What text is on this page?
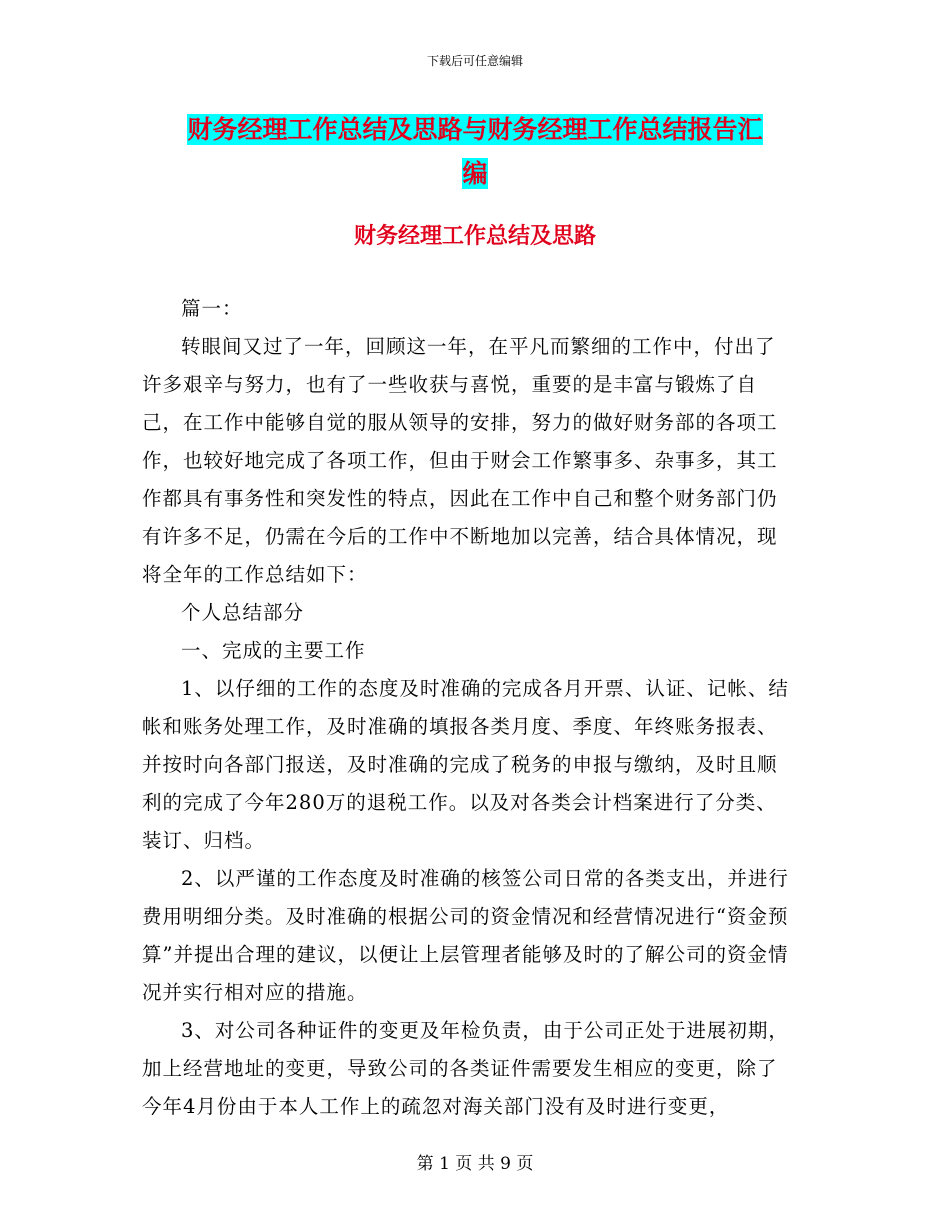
下载后可任意编辑
财务经理工作总结及思路与财务经理工作总结报告汇
编
财务经理工作总结及思路

篇一：

转眼间又过了一年，回顾这一年，在平凡而繁细的工作中，付出了许多艰辛与努力，也有了一些收获与喜悦，重要的是丰富与锻炼了自己，在工作中能够自觉的服从领导的安排，努力的做好财务部的各项工作，也较好地完成了各项工作，但由于财会工作繁事多、杂事多，其工作都具有事务性和突发性的特点，因此在工作中自己和整个财务部门仍有许多不足，仍需在今后的工作中不断地加以完善，结合具体情况，现将全年的工作总结如下：

个人总结部分

一、完成的主要工作

1、以仔细的工作的态度及时准确的完成各月开票、认证、记帐、结帐和账务处理工作，及时准确的填报各类月度、季度、年终账务报表、并按时向各部门报送，及时准确的完成了税务的申报与缴纳，及时且顺利的完成了今年280万的退税工作。以及对各类会计档案进行了分类、装订、归档。

2、以严谨的工作态度及时准确的核签公司日常的各类支出，并进行费用明细分类。及时准确的根据公司的资金情况和经营情况进行“资金预算”并提出合理的建议，以便让上层管理者能够及时的了解公司的资金情况并实行相对应的措施。

3、对公司各种证件的变更及年检负责，由于公司正处于进展初期，加上经营地址的变更，导致公司的各类证件需要发生相应的变更，除了今年4月份由于本人工作上的疏忽对海关部门没有及时进行变更，

第 1 页 共 9 页
